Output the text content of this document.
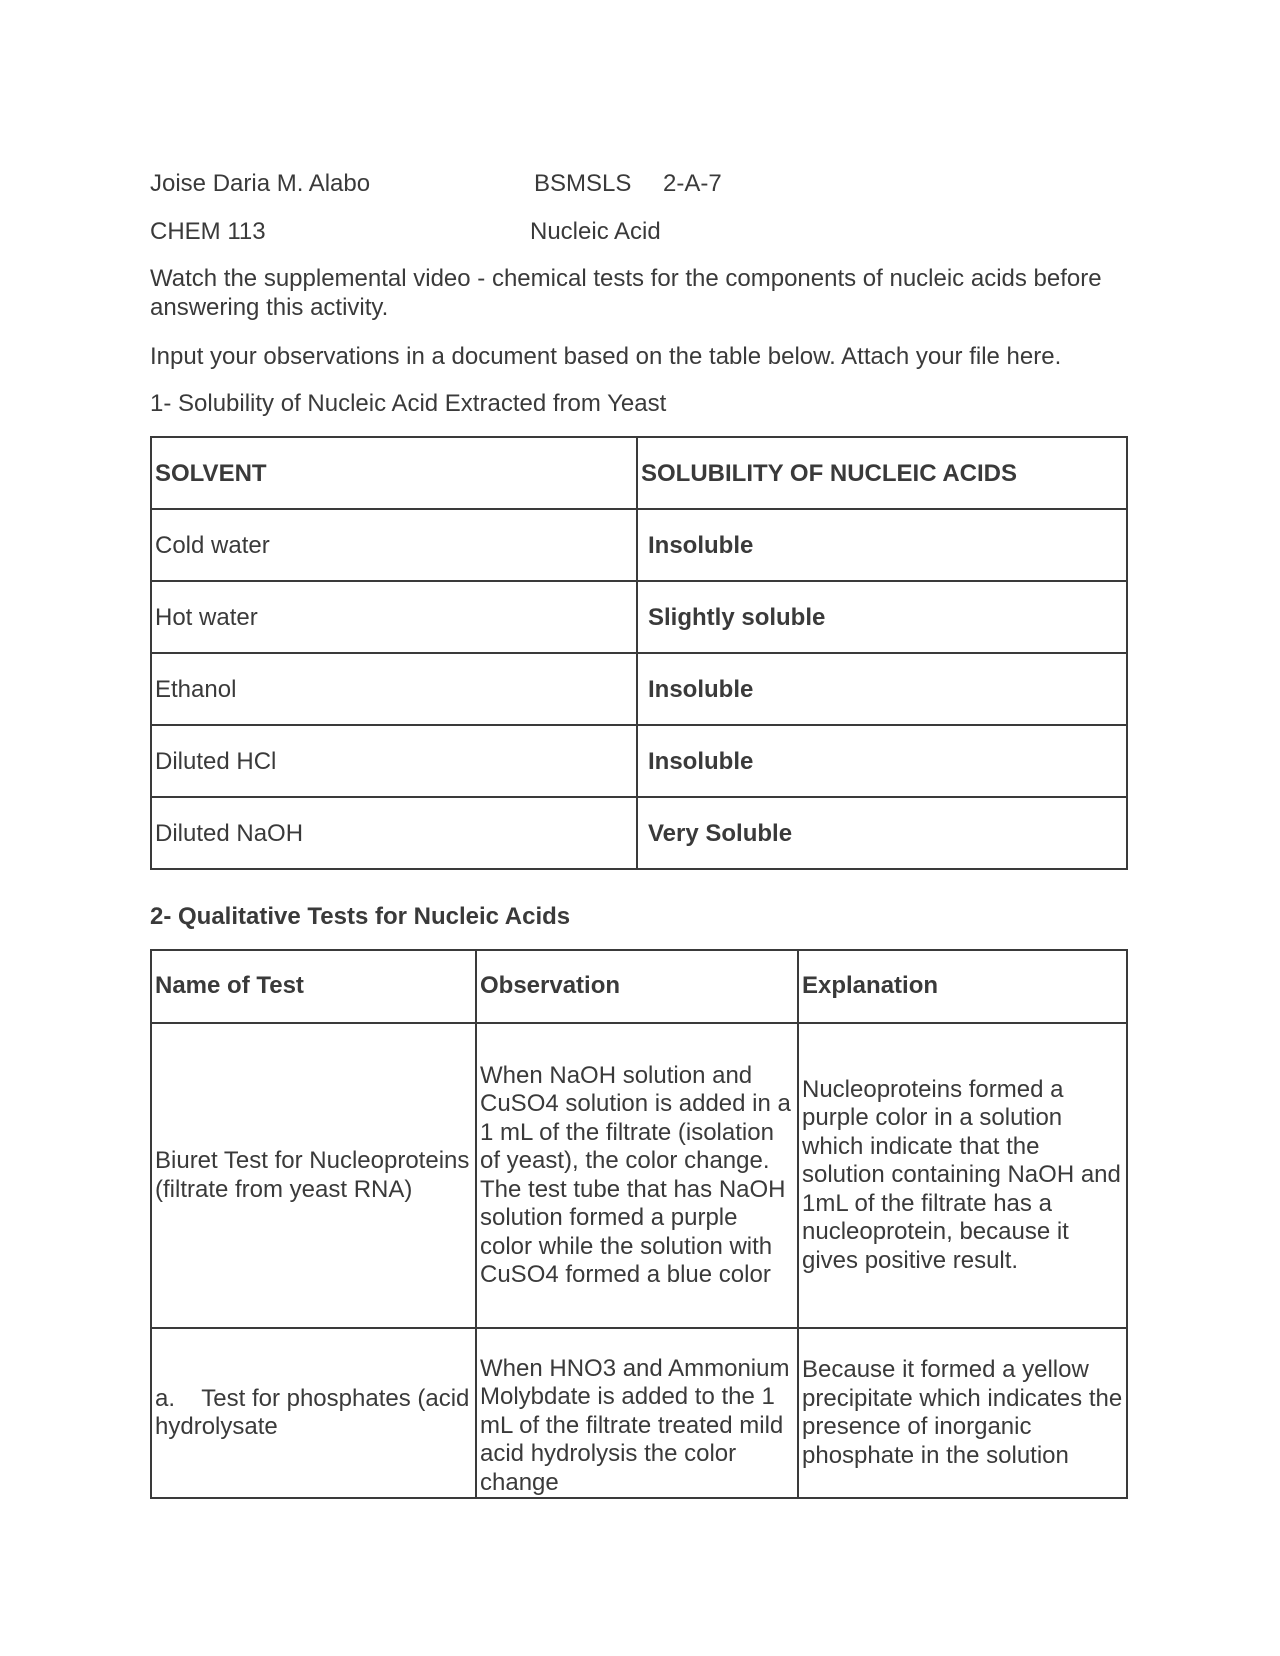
Joise Daria M. Alabo	BSMSLS 2-A-7
CHEM 113	Nucleic Acid
Watch the supplemental video - chemical tests for the components of nucleic acids before answering this activity.
Input your observations in a document based on the table below. Attach your file here.
1- Solubility of Nucleic Acid Extracted from Yeast
SOLVENT	SOLUBILITY OF NUCLEIC ACIDS
Cold water	Insoluble
Hot water	Slightly soluble
Ethanol	Insoluble
Diluted HCl	Insoluble
Diluted NaOH	Very Soluble
2- Qualitative Tests for Nucleic Acids
Name of Test	Observation	Explanation
Biuret Test for Nucleoproteins (filtrate from yeast RNA)	When NaOH solution and CuSO4 solution is added in a 1 mL of the filtrate (isolation of yeast), the color change. The test tube that has NaOH solution formed a purple color while the solution with CuSO4 formed a blue color	Nucleoproteins formed a purple color in a solution which indicate that the solution containing NaOH and 1mL of the filtrate has a nucleoprotein, because it gives positive result.
a.    Test for phosphates (acid hydrolysate	When HNO3 and Ammonium Molybdate is added to the 1 mL of the filtrate treated mild acid hydrolysis the color change	Because it formed a yellow precipitate which indicates the presence of inorganic phosphate in the solution
